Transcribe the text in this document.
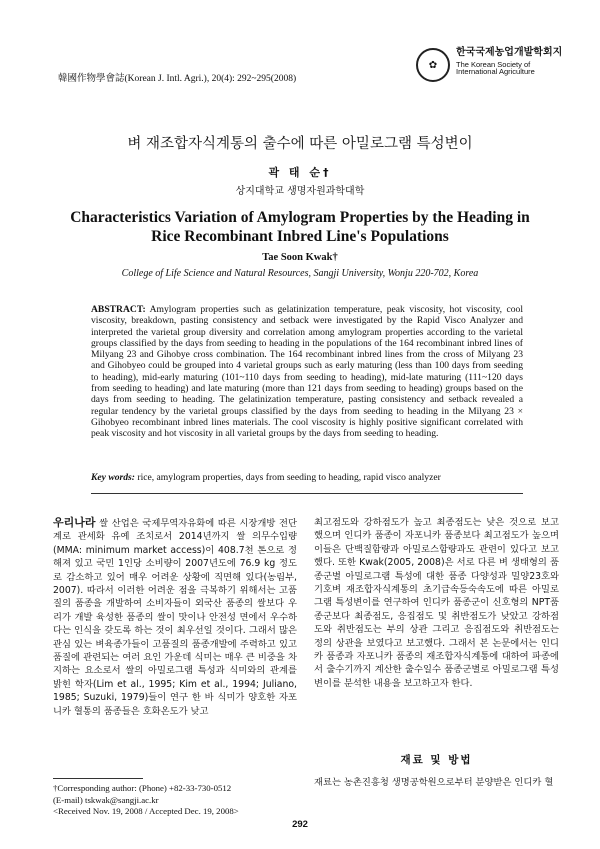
韓國作物學會誌(Korean J. Intl. Agri.), 20(4): 292~295(2008)
✿
한국국제농업개발학회지
The Korean Society of International Agriculture
벼 재조합자식계통의 출수에 따른 아밀로그램 특성변이
곽 태 순†
상지대학교 생명자원과학대학
Characteristics Variation of Amylogram Properties by the Heading in Rice Recombinant Inbred Line's Populations
Tae Soon Kwak†
College of Life Science and Natural Resources, Sangji University, Wonju 220-702, Korea
ABSTRACT: Amylogram properties such as gelatinization temperature, peak viscosity, hot viscosity, cool viscosity, breakdown, pasting consistency and setback were investigated by the Rapid Visco Analyzer and interpreted the varietal group diversity and correlation among amylogram properties according to the varietal groups classified by the days from seeding to heading in the populations of the 164 recombinant inbred lines of Milyang 23 and Gihobye cross combination. The 164 recombinant inbred lines from the cross of Milyang 23 and Gihobyeo could be grouped into 4 varietal groups such as early maturing (less than 100 days from seeding to heading), mid-early maturing (101~110 days from seeding to heading), mid-late maturing (111~120 days from seeding to heading) and late maturing (more than 121 days from seeding to heading) groups based on the days from seeding to heading. The gelatinization temperature, pasting consistency and setback revealed a regular tendency by the varietal groups classified by the days from seeding to heading in the Milyang 23 × Gihobyeo recombinant inbred lines materials. The cool viscosity is highly positive significant correlated with peak viscosity and hot viscosity in all varietal groups by the days from seeding to heading.
Key words: rice, amylogram properties, days from seeding to heading, rapid visco analyzer
우리나라 쌀 산업은 국제무역자유화에 따른 시장개방 전단계로 관세화 유예 조치로서 2014년까지 쌀 의무수입량(MMA: minimum market access)이 408.7천 톤으로 정해져 있고 국민 1인당 소비량이 2007년도에 76.9 kg 정도로 감소하고 있어 매우 어려운 상황에 직면해 있다(농림부, 2007). 따라서 이러한 어려운 점을 극복하기 위해서는 고품질의 품종을 개발하여 소비자들이 외국산 품종의 쌀보다 우리가 개발 육성한 품종의 쌀이 맛이나 안전성 면에서 우수하다는 인식을 갖도록 하는 것이 최우선일 것이다. 그래서 많은 관심 있는 벼육종가들이 고품질의 품종개발에 주력하고 있고 품질에 관련되는 여러 요인 가운데 식미는 매우 큰 비중을 차지하는 요소로서 쌀의 아밀로그램 특성과 식미와의 관계를 밝힌 학자(Lim et al., 1995; Kim et al., 1994; Juliano, 1985; Suzuki, 1979)들이 연구 한 바 식미가 양호한 자포니카 혈통의 품종들은 호화온도가 낮고
최고점도와 강하점도가 높고 최종점도는 낮은 것으로 보고 했으며 인디카 품종이 자포니카 품종보다 최고점도가 높으며 이들은 단백질함량과 아밀로스함량과도 관련이 있다고 보고했다. 또한 Kwak(2005, 2008)은 서로 다른 벼 생태형의 품종군별 아밀로그램 특성에 대한 품종 다양성과 밀양23호와 기호벼 재조합자식계통의 초기급속등숙속도에 따른 아밀로그램 특성변이를 연구하여 인디카 품종군이 신호형의 NPT품종군보다 최종점도, 응집점도 및 취반점도가 낮았고 강하점도와 취반점도는 부의 상관 그리고 응집점도와 취반점도는 정의 상관을 보였다고 보고했다. 그래서 본 논문에서는 인디카 품종과 자포니카 품종의 재조합자식계통에 대하여 파종에서 출수기까지 계산한 출수일수 품종군별로 아밀로그램 특성변이를 분석한 내용을 보고하고자 한다.
재료 및 방법
재료는 농촌진흥청 생명공학원으로부터 분양받은 인디카 혈
†Corresponding author: (Phone) +82-33-730-0512
(E-mail) tskwak@sangji.ac.kr
<Received Nov. 19, 2008 / Accepted Dec. 19, 2008>
292
